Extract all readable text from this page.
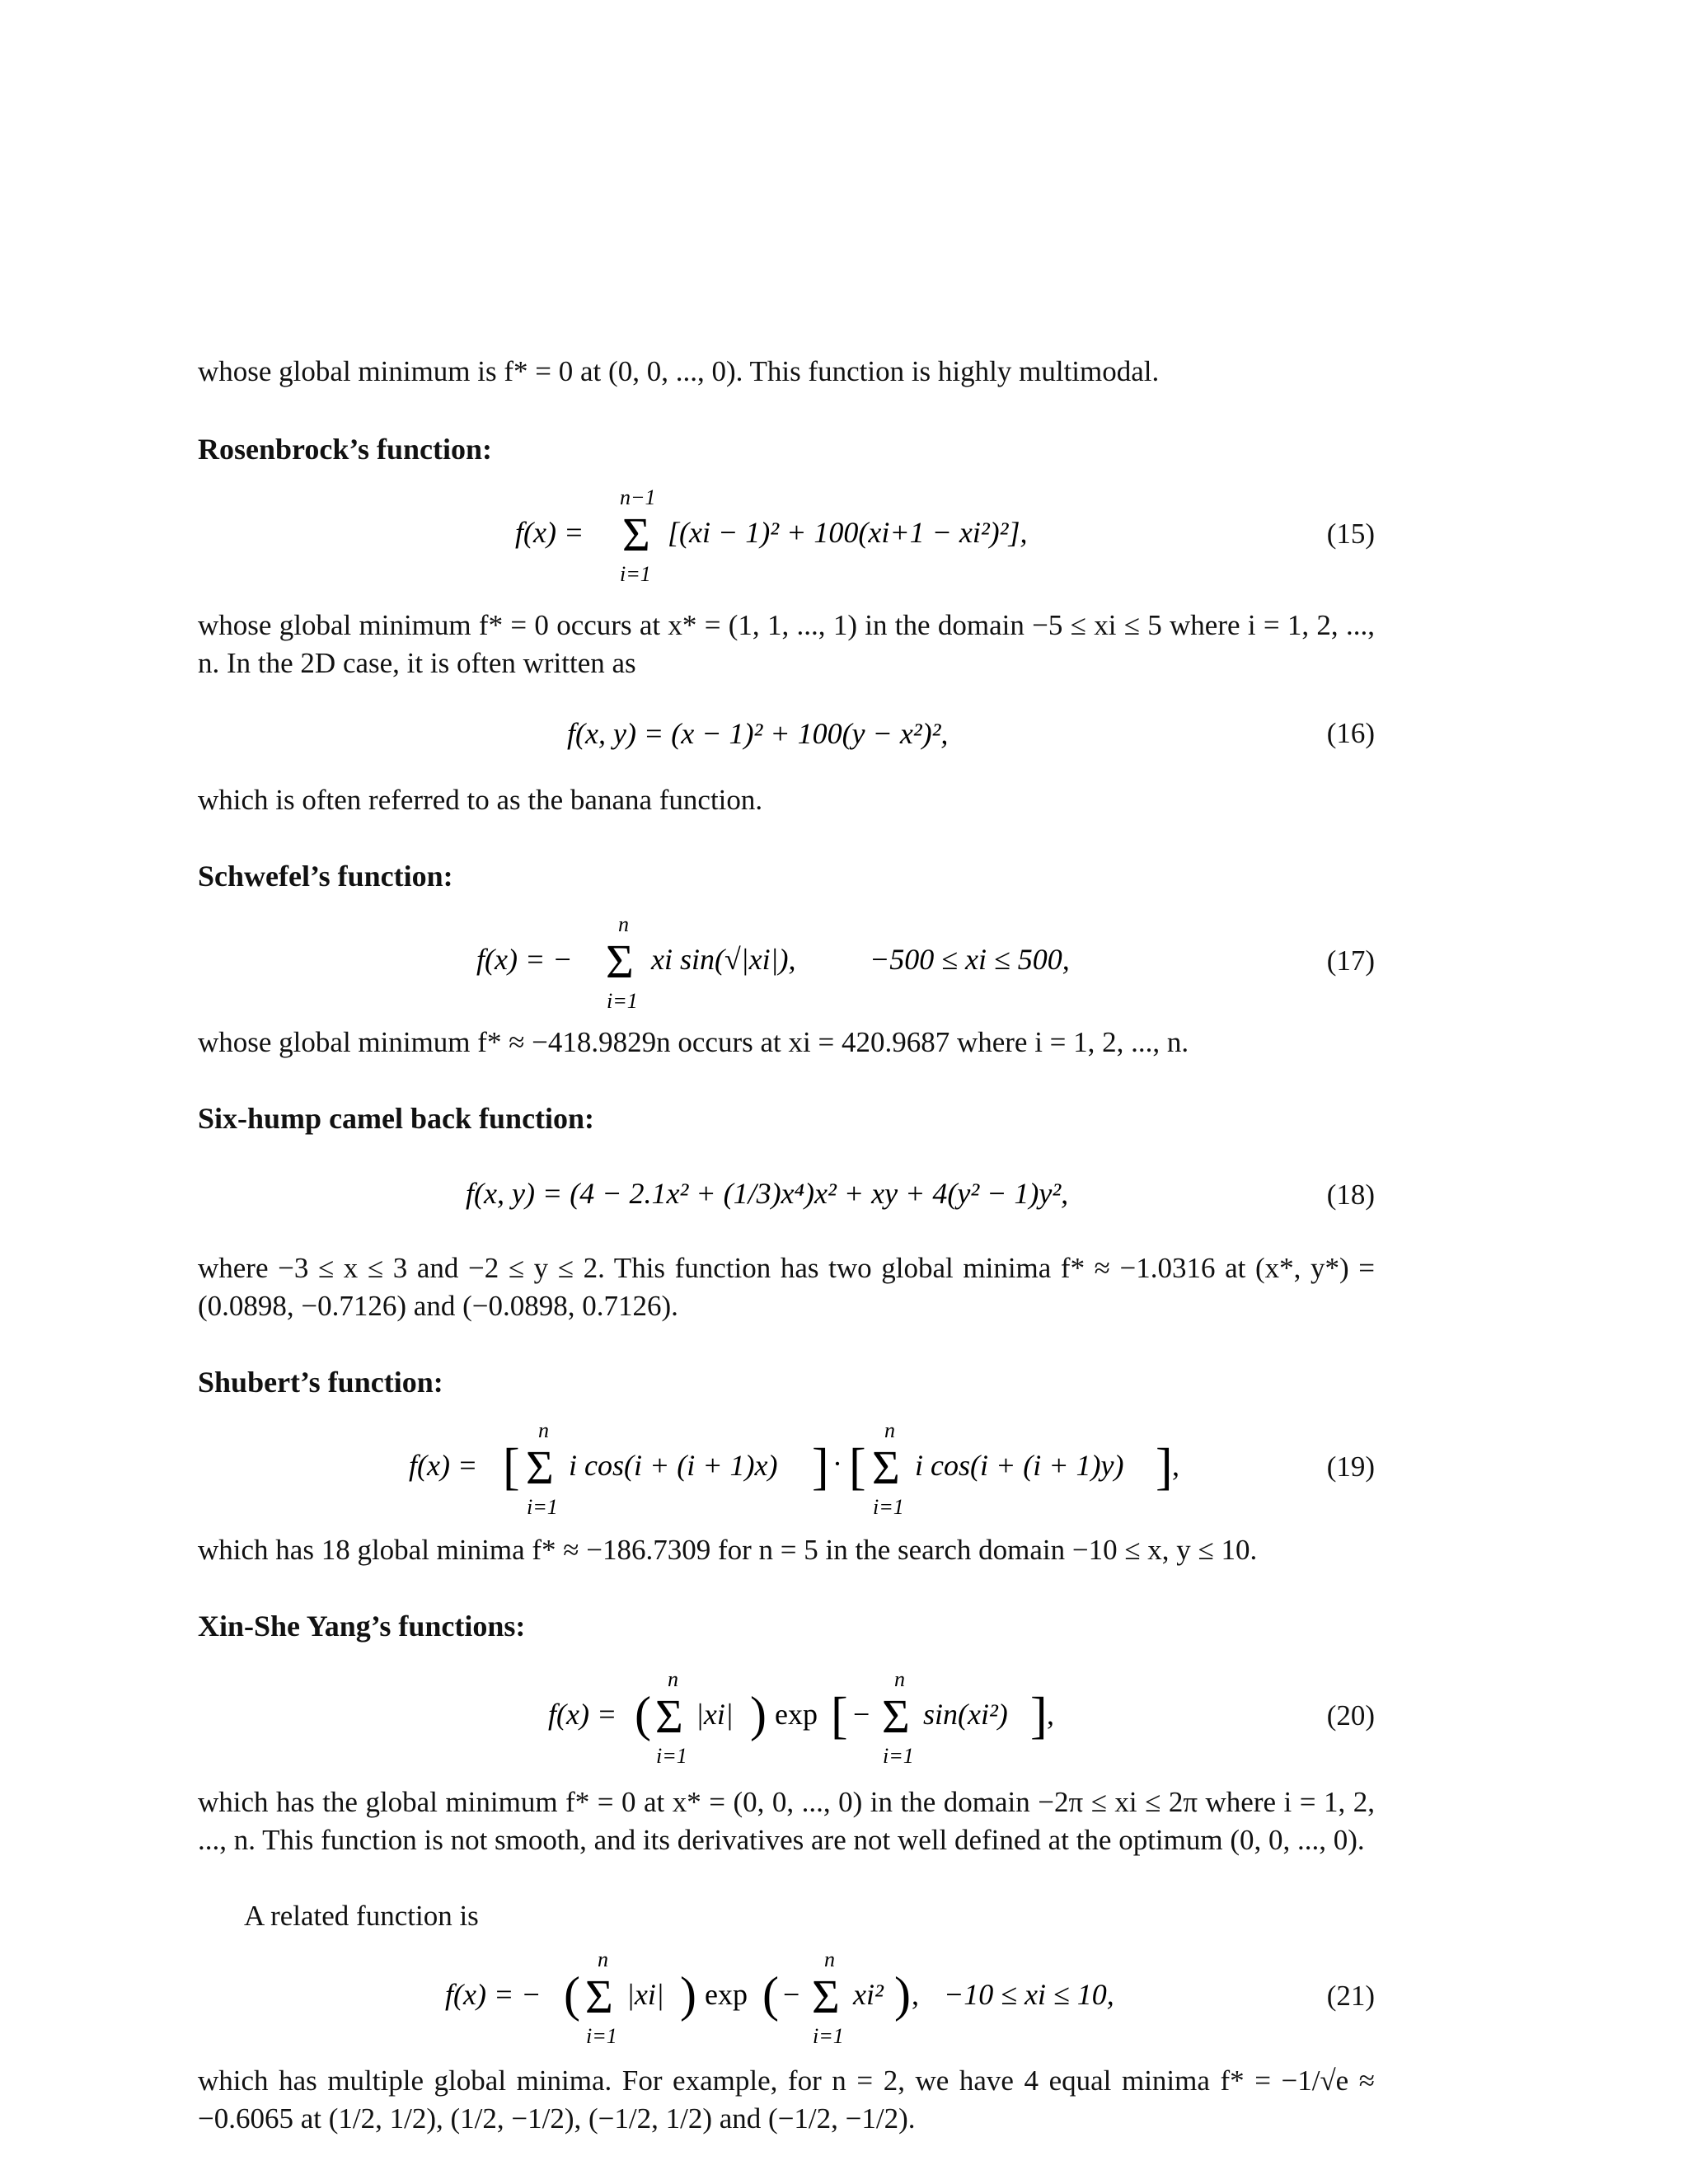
whose global minimum is f* = 0 at (0, 0, ..., 0). This function is highly multimodal.

Rosenbrock’s function:
f(x) = Σ
n−1
i=1
[(xi − 1)² + 100(xi+1 − xi²)²],	(15)

whose global minimum f* = 0 occurs at x* = (1, 1, ..., 1) in the domain −5 ≤ xi ≤ 5 where i = 1, 2, ..., n. In the 2D case, it is often written as

f(x, y) = (x − 1)² + 100(y − x²)²,	(16)

which is often referred to as the banana function.

Schwefel’s function:
f(x) = − Σ
n
i=1
xi sin(√|xi|), −500 ≤ xi ≤ 500,	(17)

whose global minimum f* ≈ −418.9829n occurs at xi = 420.9687 where i = 1, 2, ..., n.

Six-hump camel back function:
f(x, y) = (4 − 2.1x² + (1/3)x⁴)x² + xy + 4(y² − 1)y²,	(18)

where −3 ≤ x ≤ 3 and −2 ≤ y ≤ 2. This function has two global minima f* ≈ −1.0316 at (x*, y*) = (0.0898, −0.7126) and (−0.0898, 0.7126).

Shubert’s function:
f(x) = [ Σ
n
i=1
i cos(i + (i + 1)x) ] · [ Σ
n
i=1
i cos(i + (i + 1)y) ] ,	(19)

which has 18 global minima f* ≈ −186.7309 for n = 5 in the search domain −10 ≤ x, y ≤ 10.

Xin-She Yang’s functions:
f(x) = ( Σ
n
i=1
|xi| ) exp [ − Σ
n
i=1
sin(xi²) ] ,	(20)

which has the global minimum f* = 0 at x* = (0, 0, ..., 0) in the domain −2π ≤ xi ≤ 2π where i = 1, 2, ..., n. This function is not smooth, and its derivatives are not well defined at the optimum (0, 0, ..., 0).

A related function is

f(x) = − ( Σ
n
i=1
|xi| ) exp ( − Σ
n
i=1
xi² ) , −10 ≤ xi ≤ 10,	(21)

which has multiple global minima. For example, for n = 2, we have 4 equal minima f* = −1/√e ≈ −0.6065 at (1/2, 1/2), (1/2, −1/2), (−1/2, 1/2) and (−1/2, −1/2).
